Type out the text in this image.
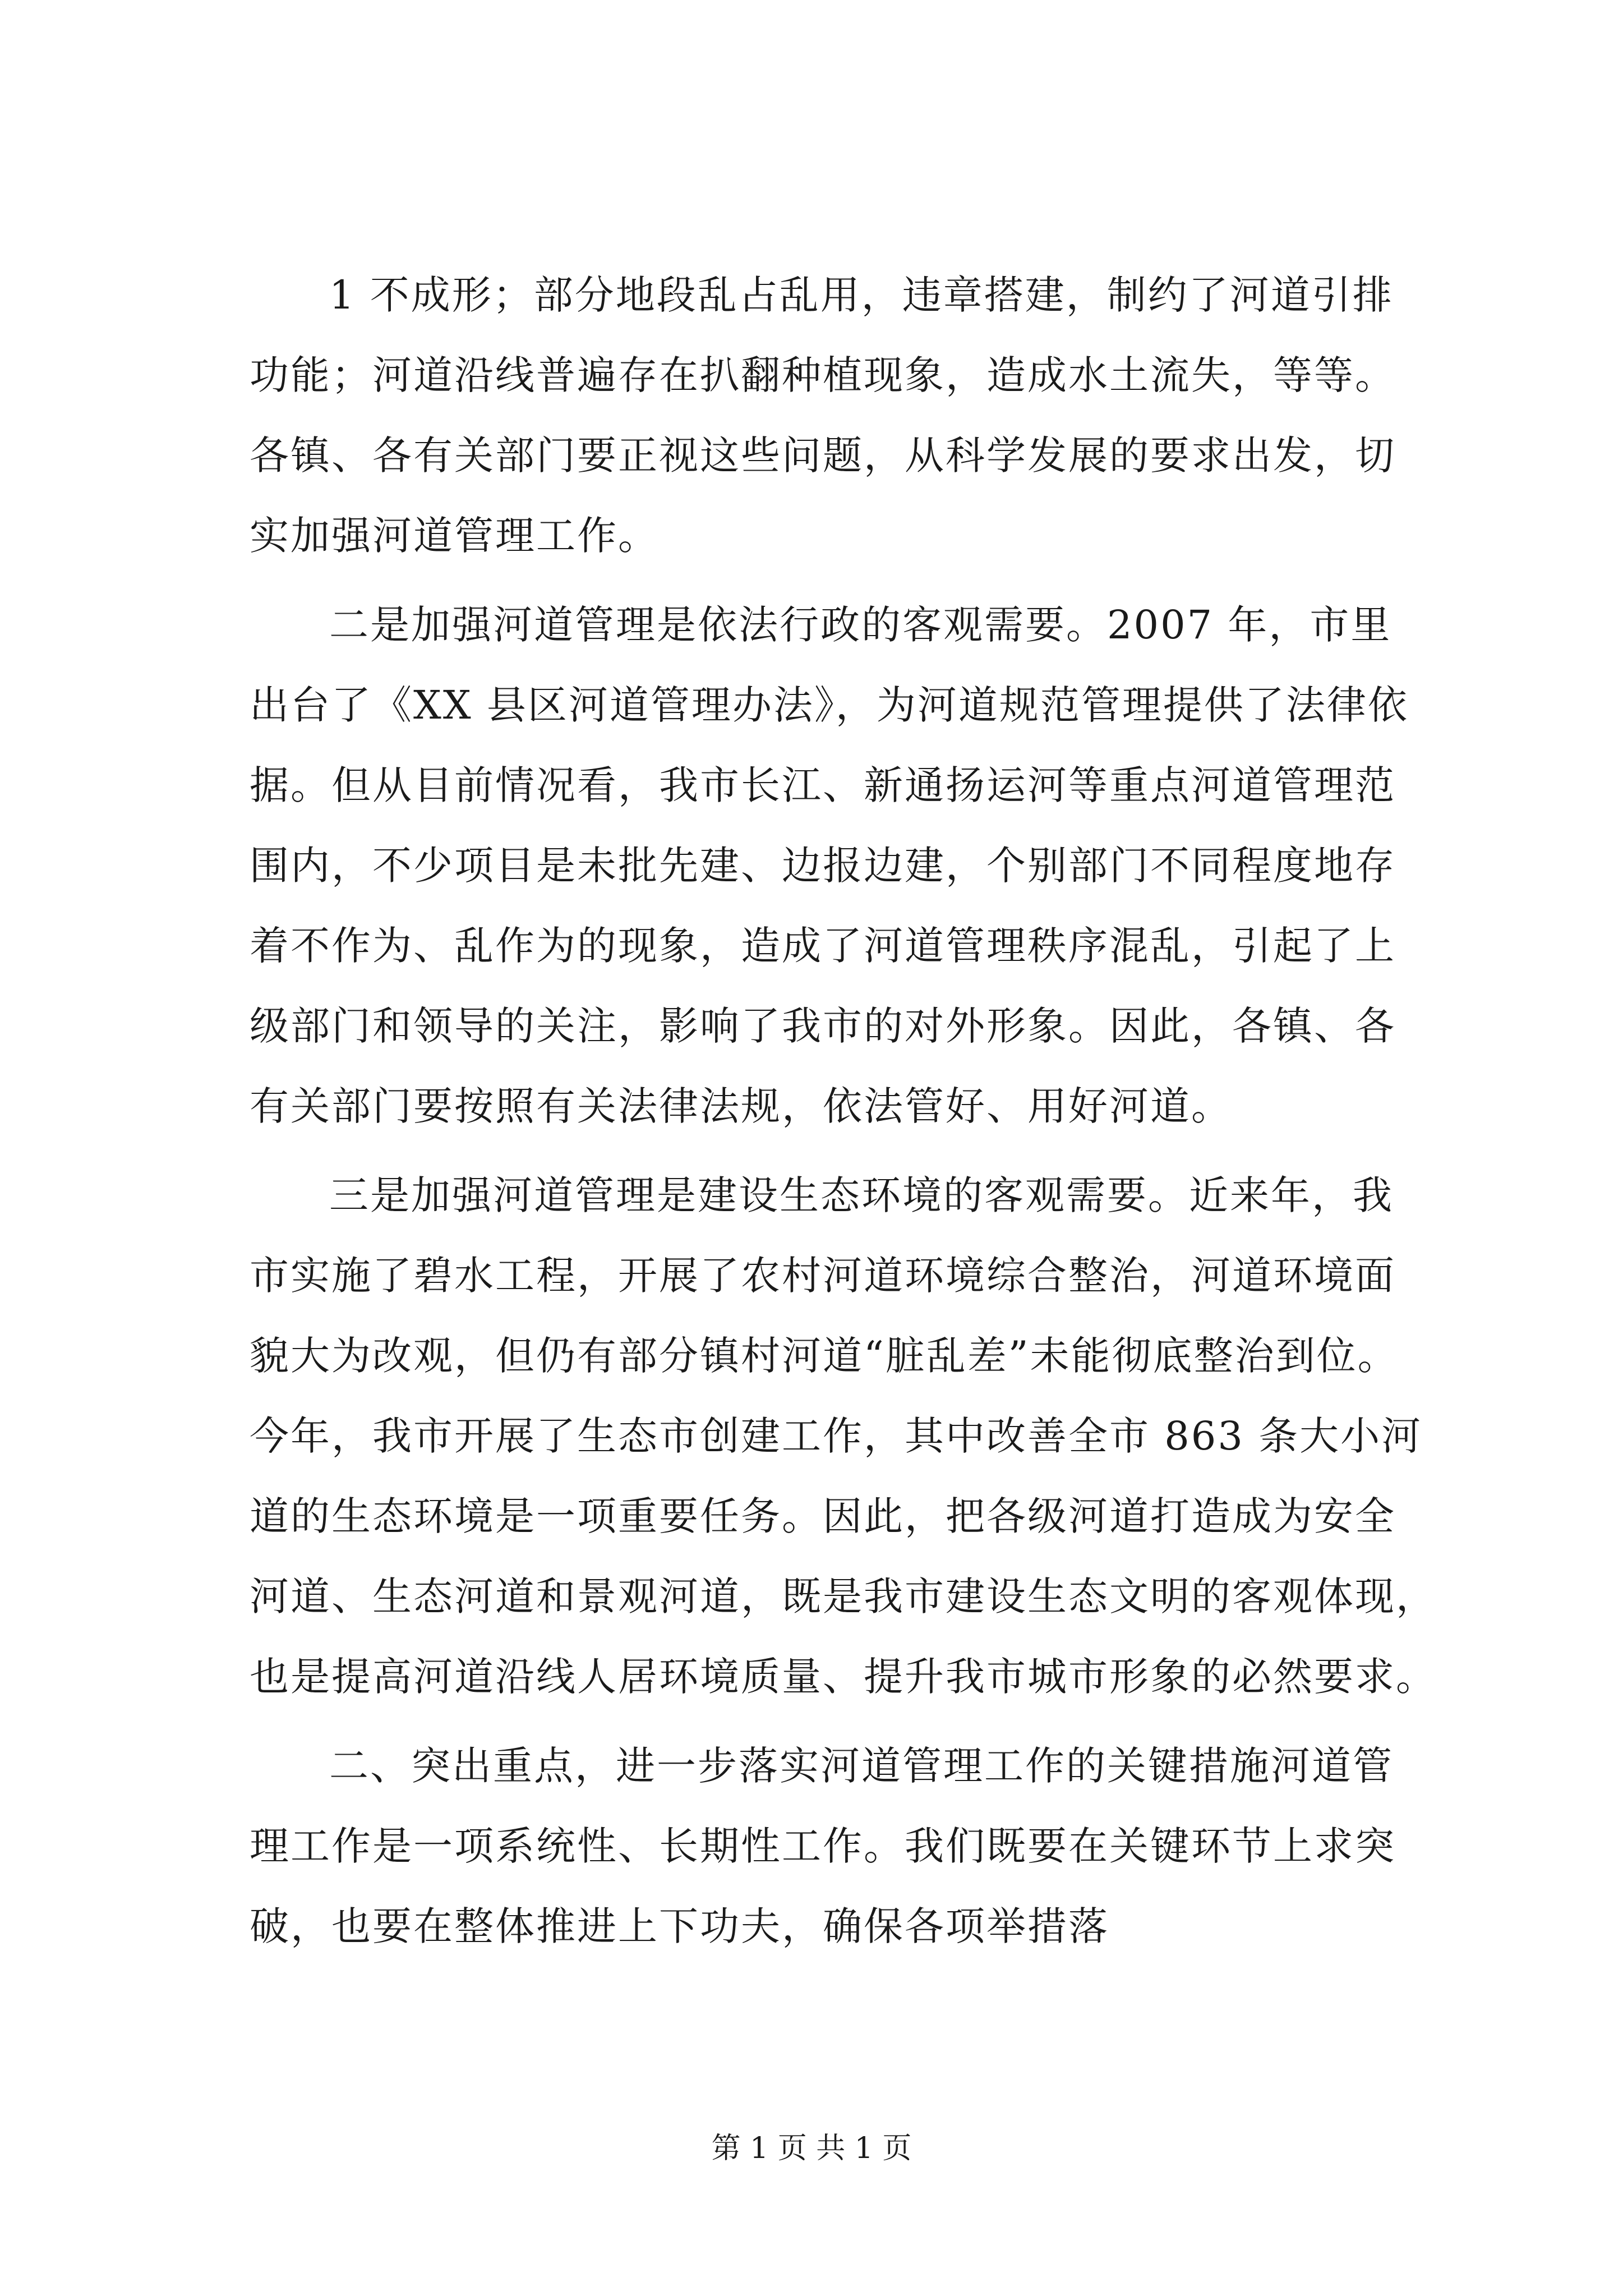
1 不成形；部分地段乱占乱用，违章搭建，制约了河道引排
功能；河道沿线普遍存在扒翻种植现象，造成水土流失，等等。
各镇、各有关部门要正视这些问题，从科学发展的要求出发，切
实加强河道管理工作。
二是加强河道管理是依法行政的客观需要。2007 年，市里
出台了《XX 县区河道管理办法》，为河道规范管理提供了法律依
据。但从目前情况看，我市长江、新通扬运河等重点河道管理范
围内，不少项目是未批先建、边报边建，个别部门不同程度地存
着不作为、乱作为的现象，造成了河道管理秩序混乱，引起了上
级部门和领导的关注，影响了我市的对外形象。因此，各镇、各
有关部门要按照有关法律法规，依法管好、用好河道。
三是加强河道管理是建设生态环境的客观需要。近来年，我
市实施了碧水工程，开展了农村河道环境综合整治，河道环境面
貌大为改观，但仍有部分镇村河道“脏乱差”未能彻底整治到位。
今年，我市开展了生态市创建工作，其中改善全市 863 条大小河
道的生态环境是一项重要任务。因此，把各级河道打造成为安全
河道、生态河道和景观河道，既是我市建设生态文明的客观体现，
也是提高河道沿线人居环境质量、提升我市城市形象的必然要求。
二、突出重点，进一步落实河道管理工作的关键措施河道管
理工作是一项系统性、长期性工作。我们既要在关键环节上求突
破，也要在整体推进上下功夫，确保各项举措落
第 1 页 共 1 页
